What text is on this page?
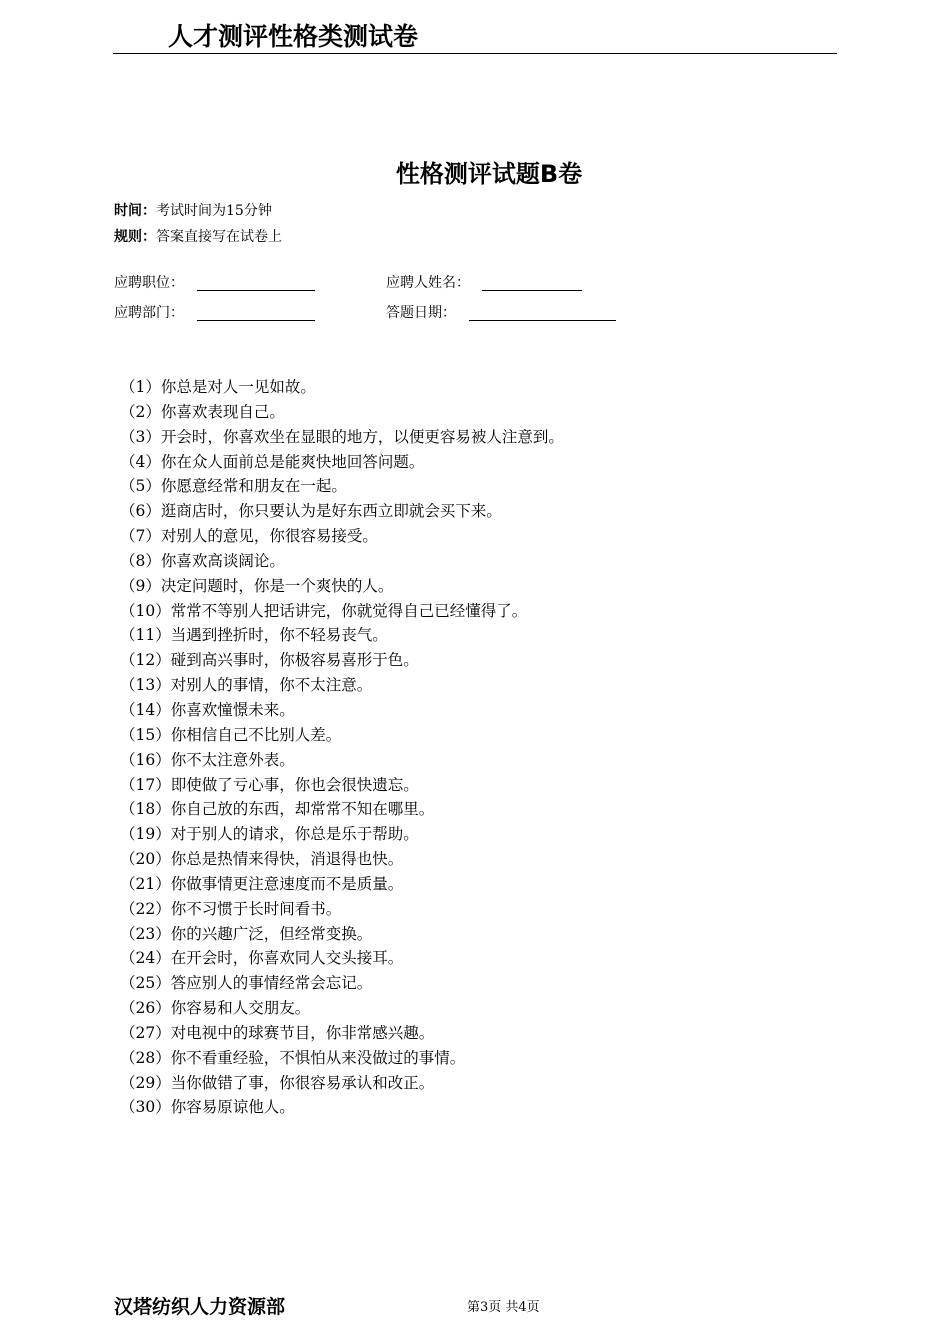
人才测评性格类测试卷
性格测评试题B卷
时间：考试时间为15分钟
规则：答案直接写在试卷上
应聘职位：	应聘人姓名：
应聘部门：	答题日期：
（1）你总是对人一见如故。
（2）你喜欢表现自己。
（3）开会时，你喜欢坐在显眼的地方，以便更容易被人注意到。
（4）你在众人面前总是能爽快地回答问题。
（5）你愿意经常和朋友在一起。
（6）逛商店时，你只要认为是好东西立即就会买下来。
（7）对别人的意见，你很容易接受。
（8）你喜欢高谈阔论。
（9）决定问题时，你是一个爽快的人。
（10）常常不等别人把话讲完，你就觉得自己已经懂得了。
（11）当遇到挫折时，你不轻易丧气。
（12）碰到高兴事时，你极容易喜形于色。
（13）对别人的事情，你不太注意。
（14）你喜欢憧憬未来。
（15）你相信自己不比别人差。
（16）你不太注意外表。
（17）即使做了亏心事，你也会很快遗忘。
（18）你自己放的东西，却常常不知在哪里。
（19）对于别人的请求，你总是乐于帮助。
（20）你总是热情来得快，消退得也快。
（21）你做事情更注意速度而不是质量。
（22）你不习惯于长时间看书。
（23）你的兴趣广泛，但经常变换。
（24）在开会时，你喜欢同人交头接耳。
（25）答应别人的事情经常会忘记。
（26）你容易和人交朋友。
（27）对电视中的球赛节目，你非常感兴趣。
（28）你不看重经验，不惧怕从来没做过的事情。
（29）当你做错了事，你很容易承认和改正。
（30）你容易原谅他人。
汉塔纺织人力资源部	第3页 共4页
